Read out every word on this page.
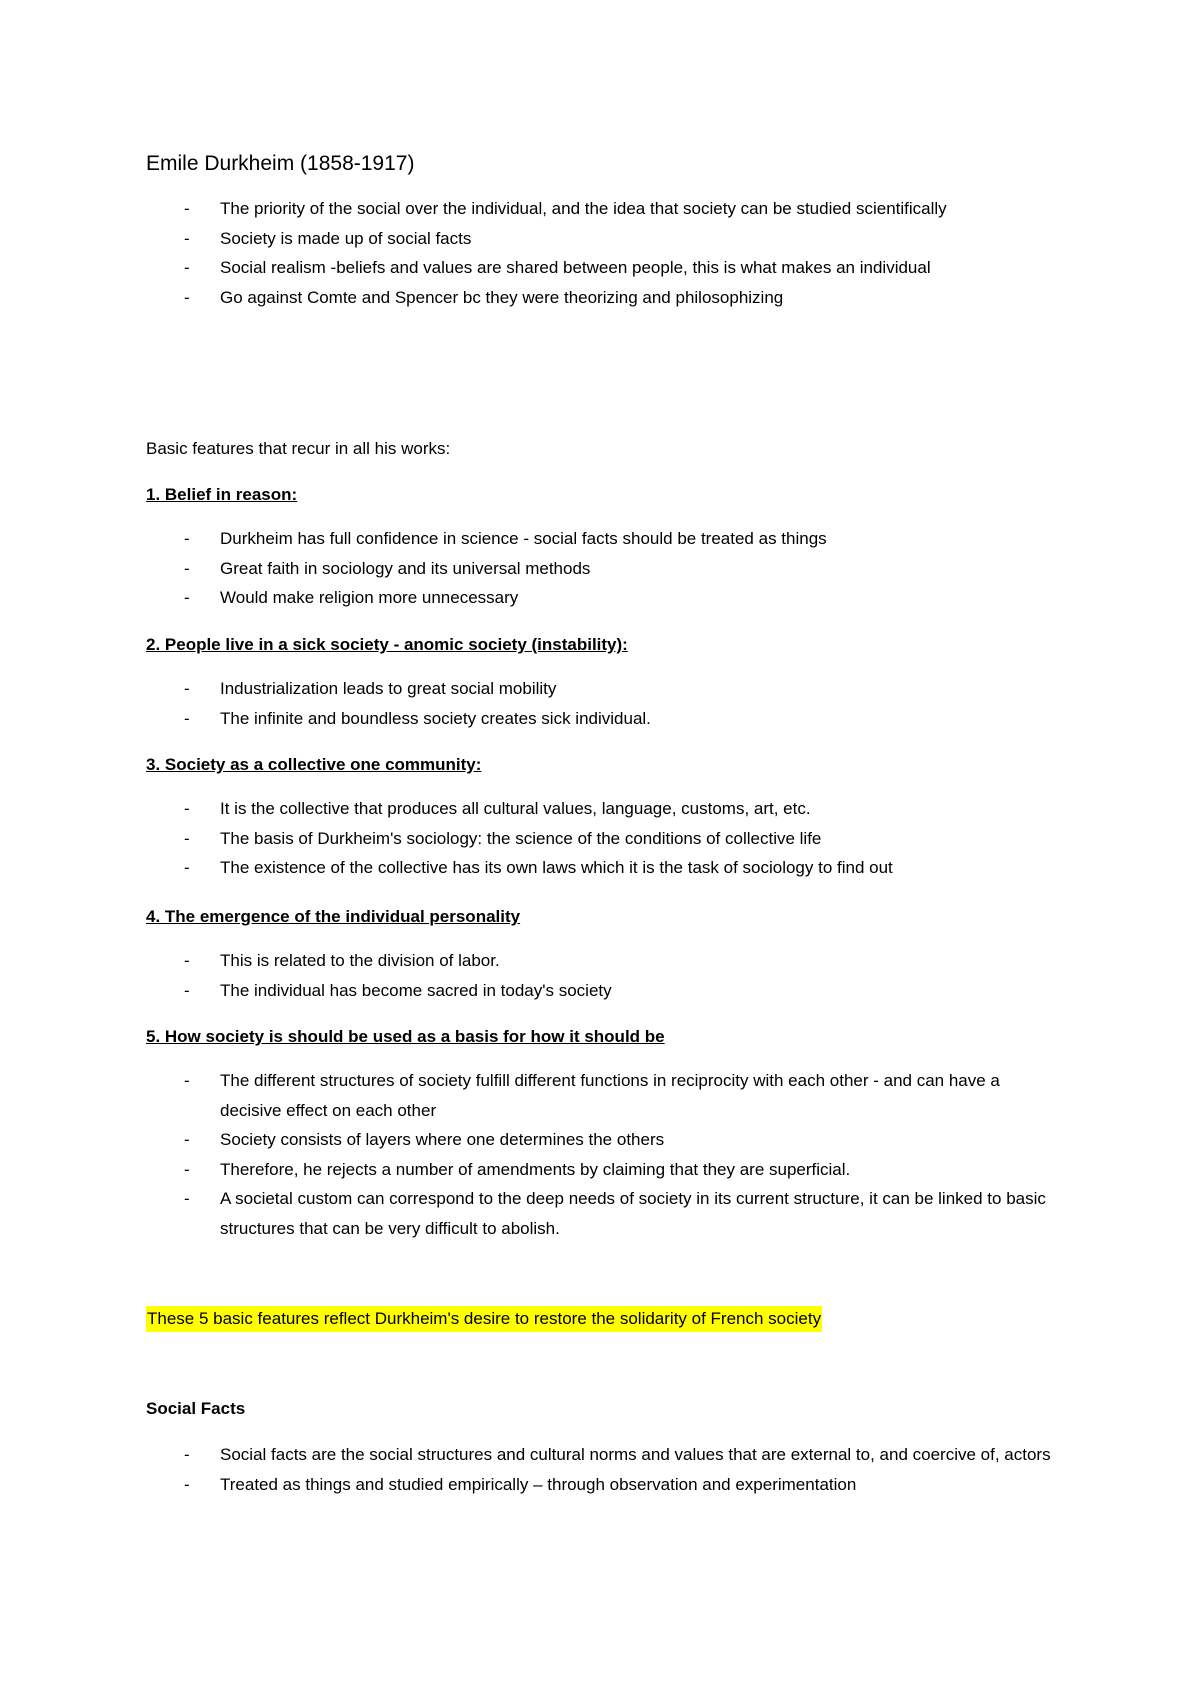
Emile Durkheim (1858-1917)
- The priority of the social over the individual, and the idea that society can be studied scientifically
- Society is made up of social facts
- Social realism -beliefs and values are shared between people, this is what makes an individual
- Go against Comte and Spencer bc they were theorizing and philosophizing
Basic features that recur in all his works:
1. Belief in reason:
- Durkheim has full confidence in science - social facts should be treated as things
- Great faith in sociology and its universal methods
- Would make religion more unnecessary
2. People live in a sick society - anomic society (instability):
- Industrialization leads to great social mobility
- The infinite and boundless society creates sick individual.
3. Society as a collective one community:
- It is the collective that produces all cultural values, language, customs, art, etc.
- The basis of Durkheim's sociology: the science of the conditions of collective life
- The existence of the collective has its own laws which it is the task of sociology to find out
4. The emergence of the individual personality
- This is related to the division of labor.
- The individual has become sacred in today's society
5. How society is should be used as a basis for how it should be
- The different structures of society fulfill different functions in reciprocity with each other - and can have a decisive effect on each other
- Society consists of layers where one determines the others
- Therefore, he rejects a number of amendments by claiming that they are superficial.
- A societal custom can correspond to the deep needs of society in its current structure, it can be linked to basic structures that can be very difficult to abolish.
These 5 basic features reflect Durkheim's desire to restore the solidarity of French society
Social Facts
- Social facts are the social structures and cultural norms and values that are external to, and coercive of, actors
- Treated as things and studied empirically – through observation and experimentation
